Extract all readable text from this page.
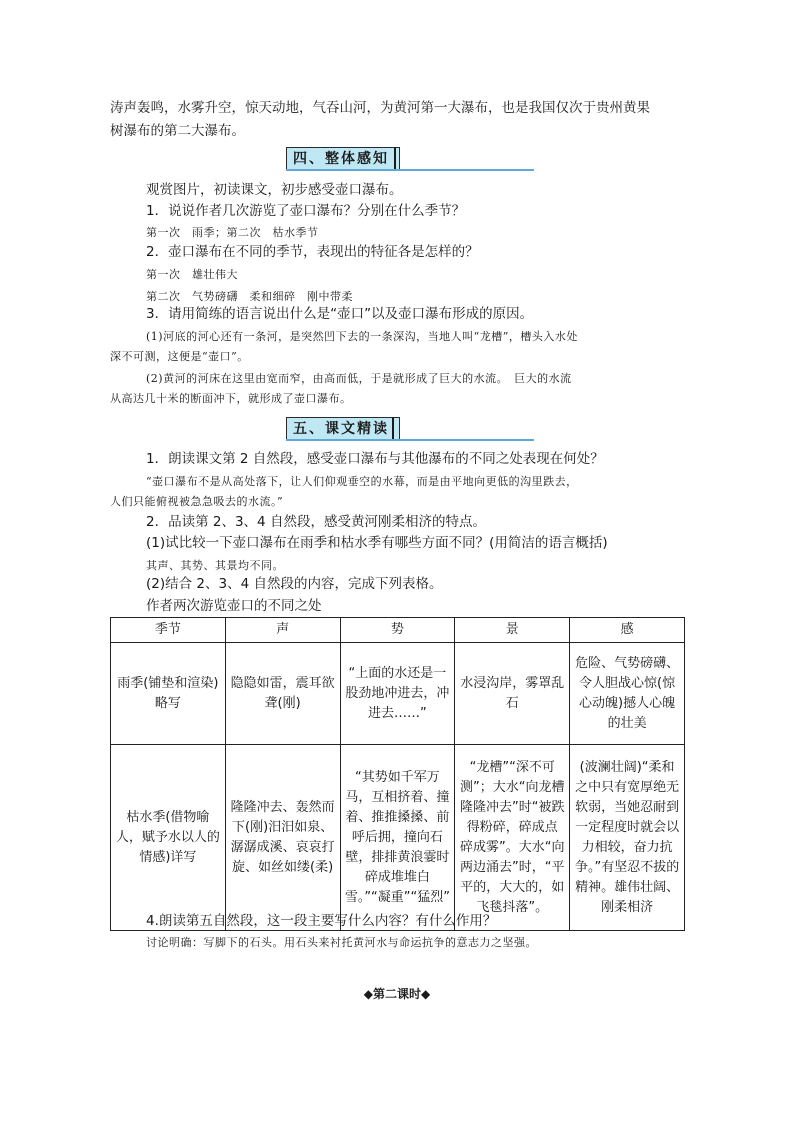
涛声轰鸣，水雾升空，惊天动地，气吞山河，为黄河第一大瀑布，也是我国仅次于贵州黄果
树瀑布的第二大瀑布。
四、整体感知
观赏图片，初读课文，初步感受壶口瀑布。
1．说说作者几次游览了壶口瀑布？分别在什么季节？
第一次　雨季；第二次　枯水季节
2．壶口瀑布在不同的季节，表现出的特征各是怎样的？
第一次　雄壮伟大
第二次　气势磅礴　柔和细碎　刚中带柔
3．请用简练的语言说出什么是“壶口”以及壶口瀑布形成的原因。
(1)河底的河心还有一条河，是突然凹下去的一条深沟，当地人叫“龙槽”，槽头入水处
深不可测，这便是“壶口”。
(2)黄河的河床在这里由宽而窄，由高而低，于是就形成了巨大的水流。　巨大的水流
从高达几十米的断面冲下，就形成了壶口瀑布。
五、课文精读
1．朗读课文第 2 自然段，感受壶口瀑布与其他瀑布的不同之处表现在何处？
“壶口瀑布不是从高处落下，让人们仰观垂空的水幕，而是由平地向更低的沟里跌去，
人们只能俯视被急急吸去的水流。”
2．品读第 2、3、4 自然段，感受黄河刚柔相济的特点。
(1)试比较一下壶口瀑布在雨季和枯水季有哪些方面不同？(用简洁的语言概括)
其声、其势、其景均不同。
(2)结合 2、3、4 自然段的内容，完成下列表格。
作者两次游览壶口的不同之处
季节	声	势	景	感
雨季(铺垫和渲染)略写	隐隐如雷，震耳欲聋(刚)	“上面的水还是一股劲地冲进去，冲进去……”	水浸沟岸，雾罩乱石	危险、气势磅礴、令人胆战心惊(惊心动魄)撼人心魄的壮美
枯水季(借物喻人，赋予水以人的情感)详写	隆隆冲去、轰然而下(刚)汨汨如泉、潺潺成溪、哀哀打旋、如丝如缕(柔)	“其势如千军万马，互相挤着、撞着、推推搡搡、前呼后拥，撞向石壁，排排黄浪霎时碎成堆堆白雪。”“凝重”“猛烈”	“龙槽”“深不可测”；大水“向龙槽隆隆冲去”时“被跌得粉碎，碎成点 碎成雾”。大水“向两边涌去”时，“平平的，大大的，如飞毯抖落”。	(波澜壮阔)“柔和之中只有宽厚绝无软弱，当她忍耐到一定程度时就会以力相较，奋力抗争。”有坚忍不拔的精神。雄伟壮阔、刚柔相济
4.朗读第五自然段，这一段主要写什么内容？有什么作用？
讨论明确：写脚下的石头。用石头来衬托黄河水与命运抗争的意志力之坚强。
◆第二课时◆
